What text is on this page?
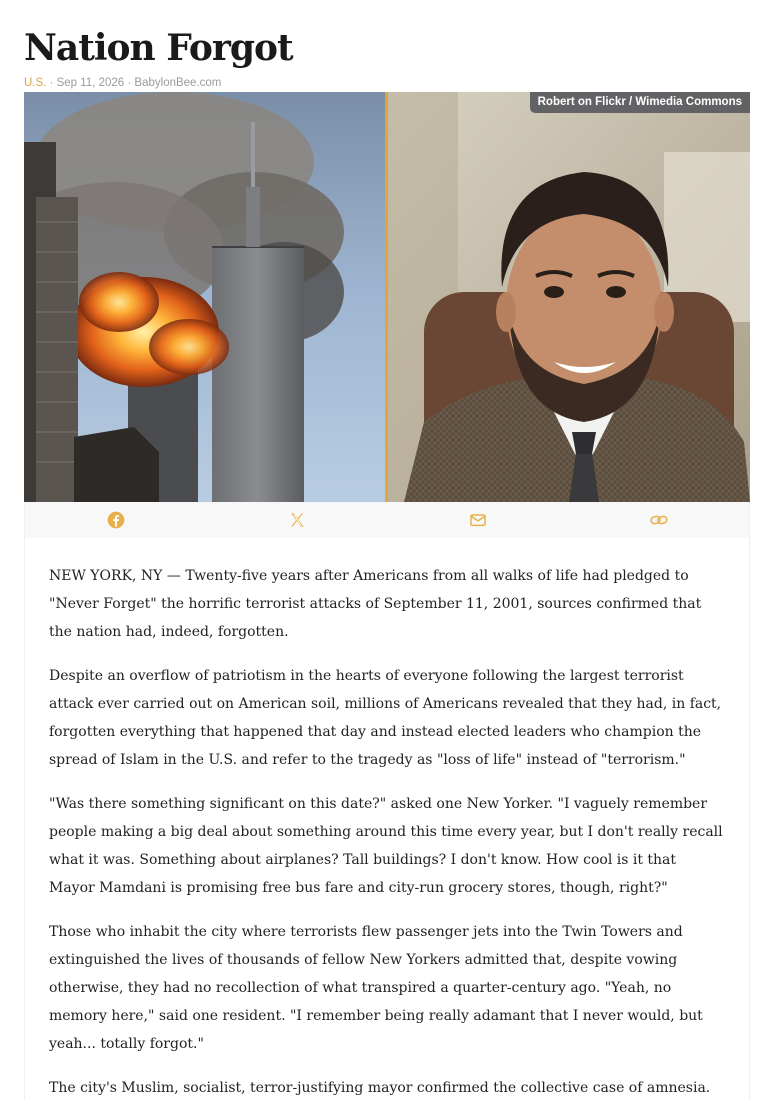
Nation Forgot
U.S. · Sep 11, 2026 · BabylonBee.com
Robert on Flickr / Wimedia Commons

NEW YORK, NY — Twenty-five years after Americans from all walks of life had pledged to "Never Forget" the horrific terrorist attacks of September 11, 2001, sources confirmed that the nation had, indeed, forgotten.

Despite an overflow of patriotism in the hearts of everyone following the largest terrorist attack ever carried out on American soil, millions of Americans revealed that they had, in fact, forgotten everything that happened that day and instead elected leaders who champion the spread of Islam in the U.S. and refer to the tragedy as "loss of life" instead of "terrorism."

"Was there something significant on this date?" asked one New Yorker. "I vaguely remember people making a big deal about something around this time every year, but I don't really recall what it was. Something about airplanes? Tall buildings? I don't know. How cool is it that Mayor Mamdani is promising free bus fare and city-run grocery stores, though, right?"

Those who inhabit the city where terrorists flew passenger jets into the Twin Towers and extinguished the lives of thousands of fellow New Yorkers admitted that, despite vowing otherwise, they had no recollection of what transpired a quarter-century ago. "Yeah, no memory here," said one resident. "I remember being really adamant that I never would, but yeah... totally forgot."

The city's Muslim, socialist, terror-justifying mayor confirmed the collective case of amnesia.
